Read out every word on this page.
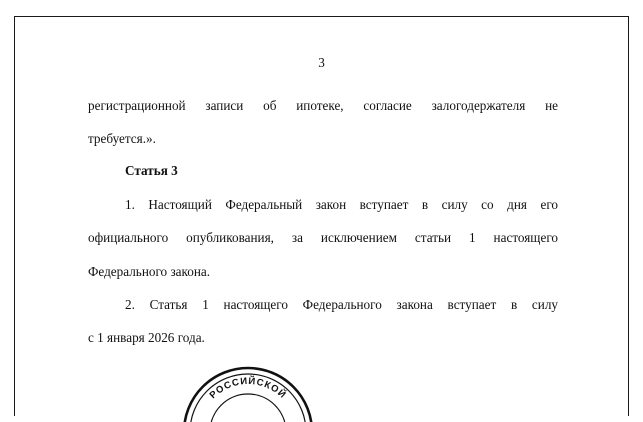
3
регистрационной записи об ипотеке, согласие залогодержателя не
требуется.».
Статья 3
1. Настоящий Федеральный закон вступает в силу со дня его
официального опубликования, за исключением статьи 1 настоящего
Федерального закона.
2. Статья 1 настоящего Федерального закона вступает в силу
с 1 января 2026 года.
РОССИЙСКОЙ
